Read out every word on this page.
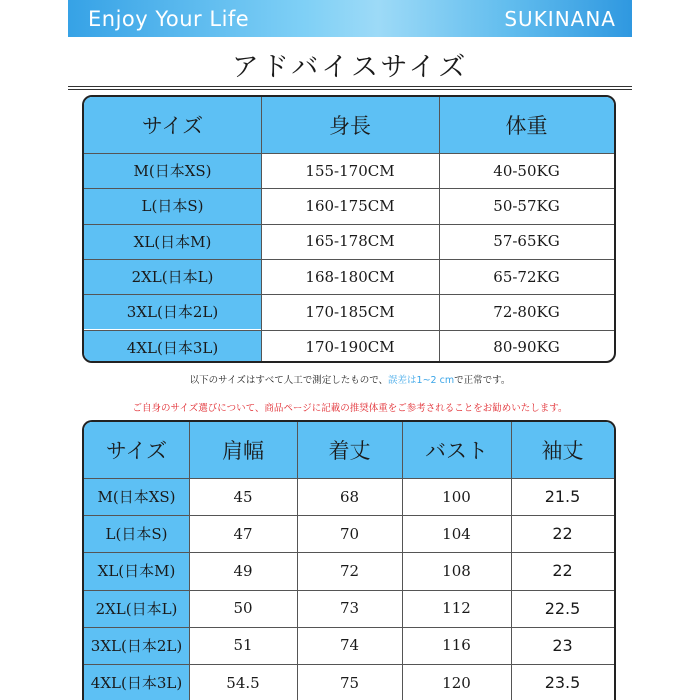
Enjoy Your Life	SUKINANA
アドバイスサイズ
サイズ	身長	体重
M(日本XS)	155-170CM	40-50KG
L(日本S)	160-175CM	50-57KG
XL(日本M)	165-178CM	57-65KG
2XL(日本L)	168-180CM	65-72KG
3XL(日本2L)	170-185CM	72-80KG
4XL(日本3L)	170-190CM	80-90KG
以下のサイズはすべて人工で測定したもので、誤差は1~2 cmで正常です。
ご自身のサイズ選びについて、商品ページに記載の推奨体重をご参考されることをお勧めいたします。
サイズ	肩幅	着丈	バスト	袖丈
M(日本XS)	45	68	100	21.5
L(日本S)	47	70	104	22
XL(日本M)	49	72	108	22
2XL(日本L)	50	73	112	22.5
3XL(日本2L)	51	74	116	23
4XL(日本3L)	54.5	75	120	23.5
